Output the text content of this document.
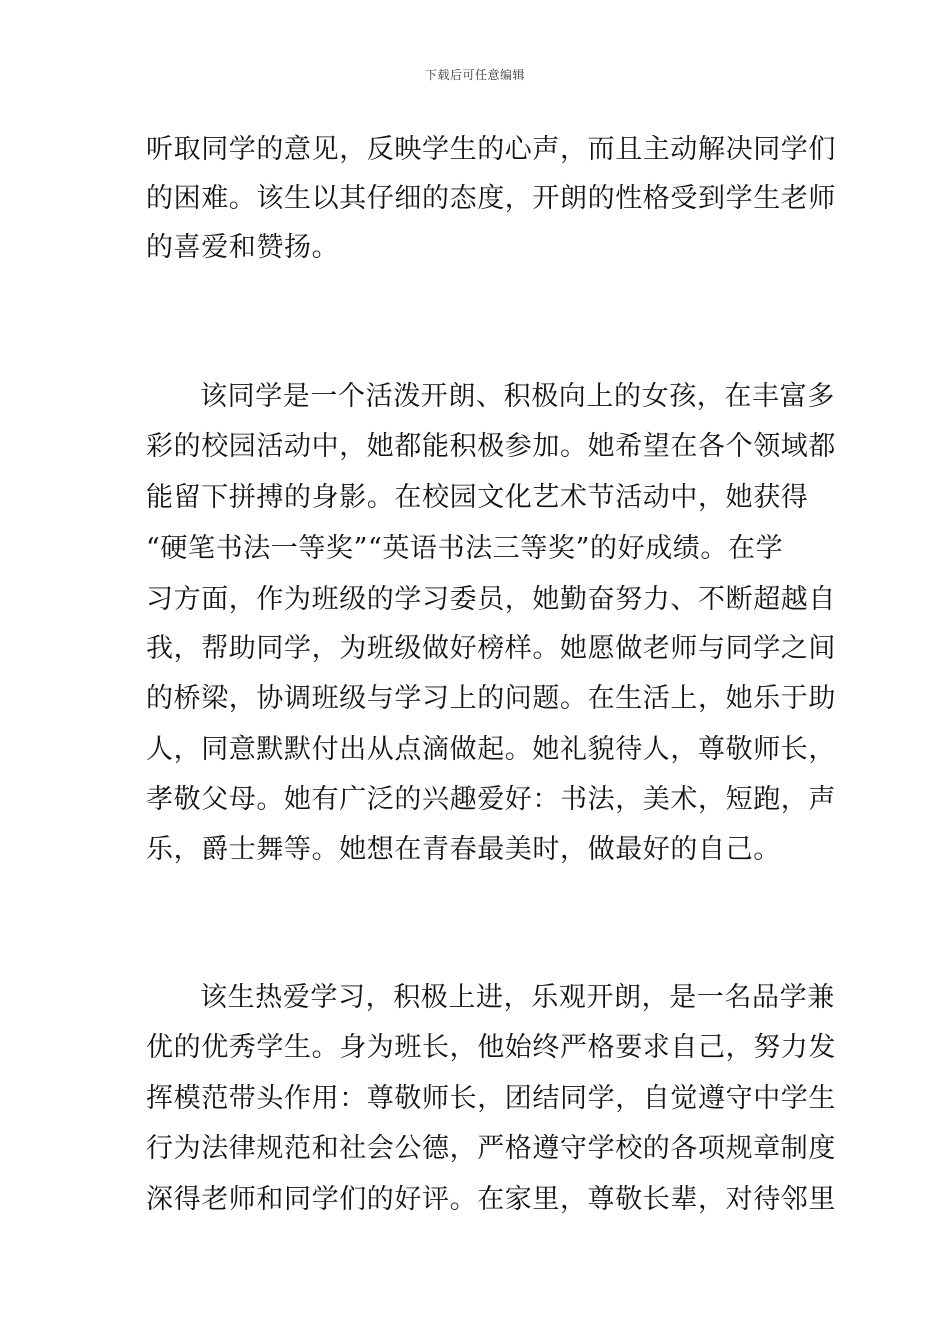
下载后可任意编辑
听取同学的意见，反映学生的心声，而且主动解决同学们
的困难。该生以其仔细的态度，开朗的性格受到学生老师
的喜爱和赞扬。
该同学是一个活泼开朗、积极向上的女孩，在丰富多
彩的校园活动中，她都能积极参加。她希望在各个领域都
能留下拼搏的身影。在校园文化艺术节活动中，她获得
“硬笔书法一等奖”“英语书法三等奖”的好成绩。在学
习方面，作为班级的学习委员，她勤奋努力、不断超越自
我，帮助同学，为班级做好榜样。她愿做老师与同学之间
的桥梁，协调班级与学习上的问题。在生活上，她乐于助
人，同意默默付出从点滴做起。她礼貌待人，尊敬师长，
孝敬父母。她有广泛的兴趣爱好：书法，美术，短跑，声
乐，爵士舞等。她想在青春最美时，做最好的自己。
该生热爱学习，积极上进，乐观开朗，是一名品学兼
优的优秀学生。身为班长，他始终严格要求自己，努力发
挥模范带头作用：尊敬师长，团结同学，自觉遵守中学生
行为法律规范和社会公德，严格遵守学校的各项规章制度
深得老师和同学们的好评。在家里，尊敬长辈，对待邻里
